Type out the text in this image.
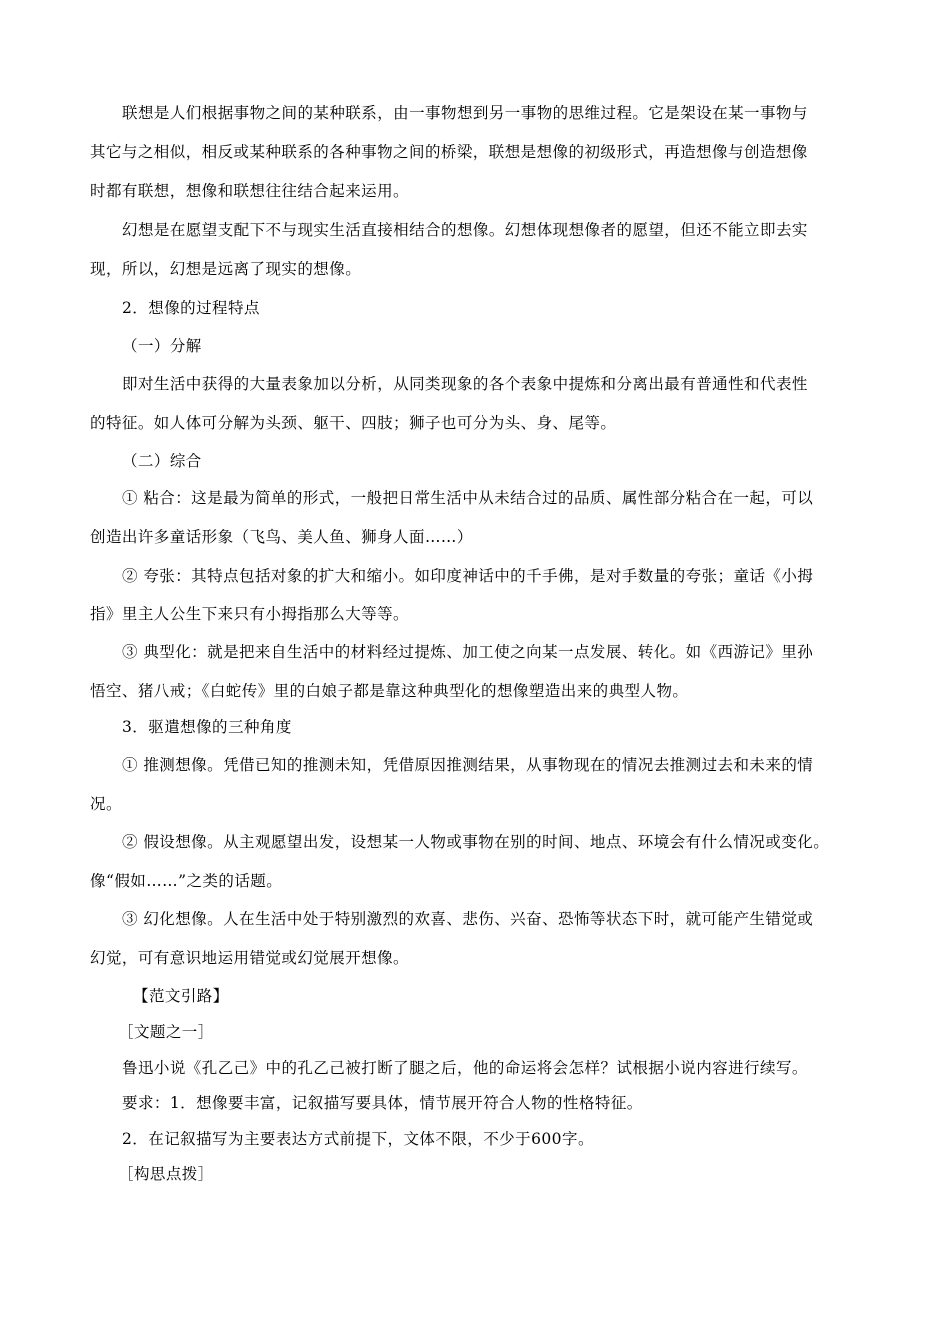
联想是人们根据事物之间的某种联系，由一事物想到另一事物的思维过程。它是架设在某一事物与
其它与之相似，相反或某种联系的各种事物之间的桥梁，联想是想像的初级形式，再造想像与创造想像
时都有联想，想像和联想往往结合起来运用。
幻想是在愿望支配下不与现实生活直接相结合的想像。幻想体现想像者的愿望，但还不能立即去实
现，所以，幻想是远离了现实的想像。
2．想像的过程特点
（一）分解
即对生活中获得的大量表象加以分析，从同类现象的各个表象中提炼和分离出最有普通性和代表性
的特征。如人体可分解为头颈、躯干、四肢；狮子也可分为头、身、尾等。
（二）综合
① 粘合：这是最为简单的形式，一般把日常生活中从未结合过的品质、属性部分粘合在一起，可以
创造出许多童话形象（飞鸟、美人鱼、狮身人面……）
② 夸张：其特点包括对象的扩大和缩小。如印度神话中的千手佛，是对手数量的夸张；童话《小拇
指》里主人公生下来只有小拇指那么大等等。
③ 典型化：就是把来自生活中的材料经过提炼、加工使之向某一点发展、转化。如《西游记》里孙
悟空、猪八戒；《白蛇传》里的白娘子都是靠这种典型化的想像塑造出来的典型人物。
3．驱遣想像的三种角度
① 推测想像。凭借已知的推测未知，凭借原因推测结果，从事物现在的情况去推测过去和未来的情
况。
② 假设想像。从主观愿望出发，设想某一人物或事物在别的时间、地点、环境会有什么情况或变化。
像“假如……”之类的话题。
③ 幻化想像。人在生活中处于特别激烈的欢喜、悲伤、兴奋、恐怖等状态下时，就可能产生错觉或
幻觉，可有意识地运用错觉或幻觉展开想像。
【范文引路】
［文题之一］
鲁迅小说《孔乙己》中的孔乙己被打断了腿之后，他的命运将会怎样？试根据小说内容进行续写。
要求：1．想像要丰富，记叙描写要具体，情节展开符合人物的性格特征。
2．在记叙描写为主要表达方式前提下，文体不限，不少于600字。
［构思点拨］
